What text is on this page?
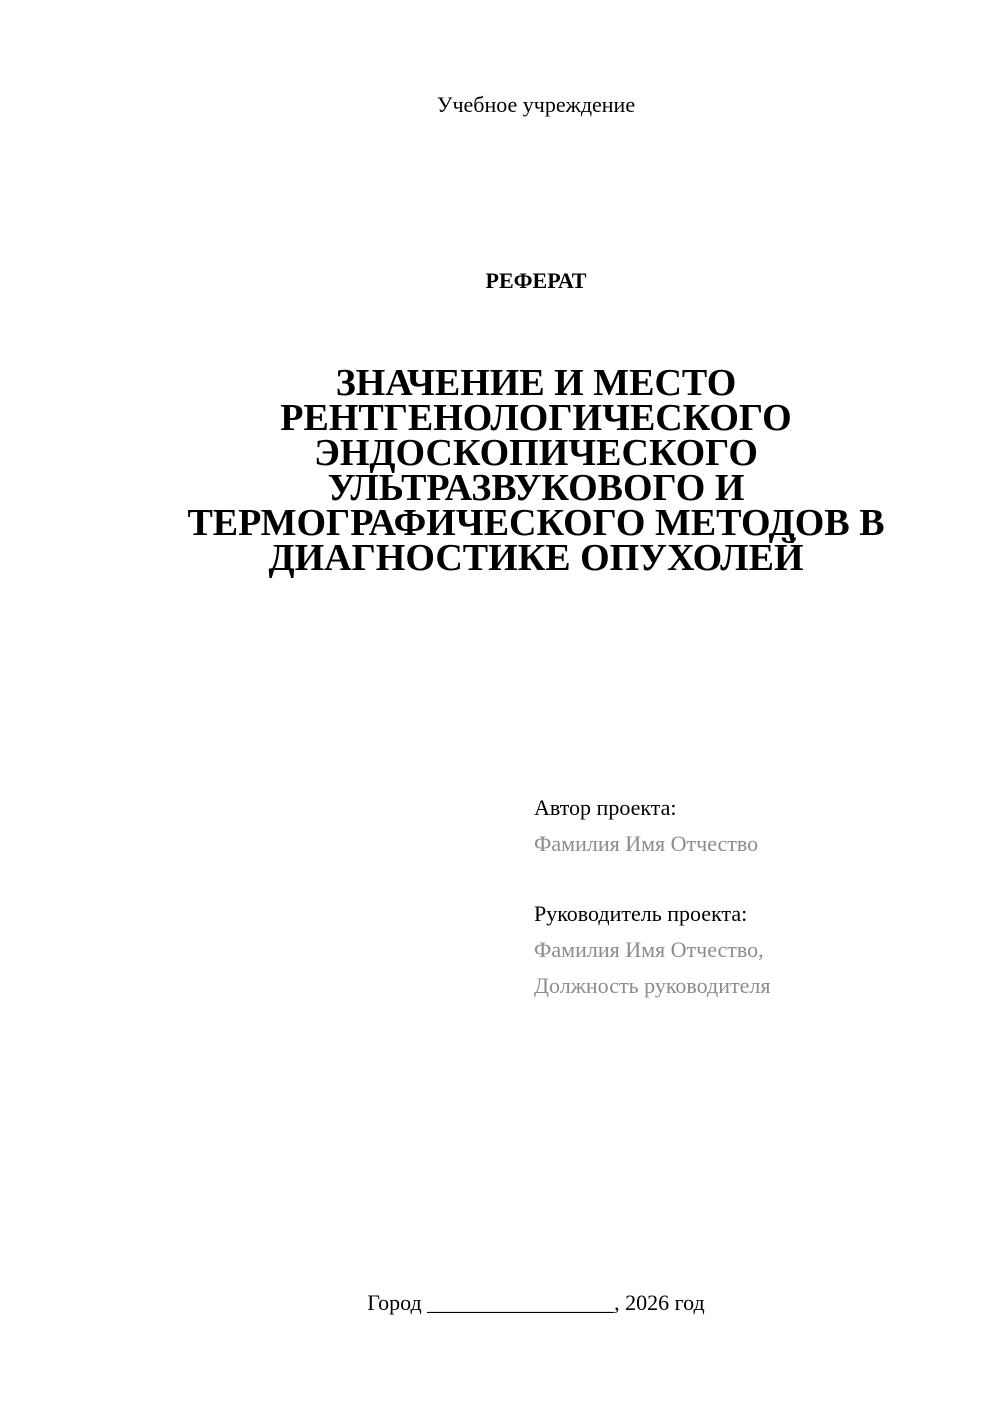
Учебное учреждение
РЕФЕРАТ
ЗНАЧЕНИЕ И МЕСТО
РЕНТГЕНОЛОГИЧЕСКОГО
ЭНДОСКОПИЧЕСКОГО
УЛЬТРАЗВУКОВОГО И
ТЕРМОГРАФИЧЕСКОГО МЕТОДОВ В
ДИАГНОСТИКЕ ОПУХОЛЕЙ
Автор проекта:
Фамилия Имя Отчество
Руководитель проекта:
Фамилия Имя Отчество,
Должность руководителя
Город _________________, 2026 год
